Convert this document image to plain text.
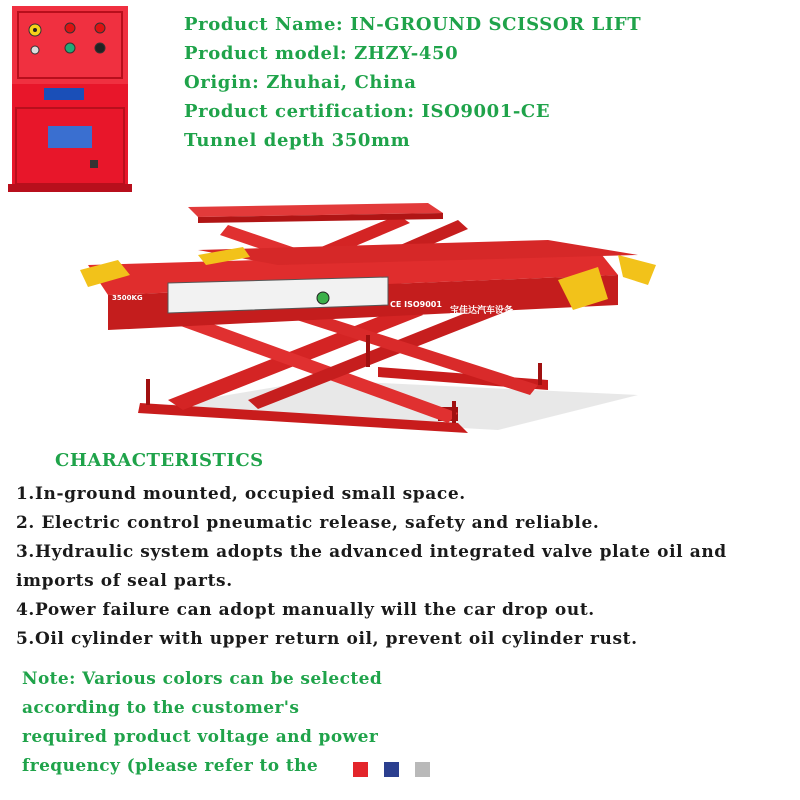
Product Name: IN-GROUND SCISSOR LIFT
Product model: ZHZY-450
Origin: Zhuhai, China
Product certification: ISO9001-CE
Tunnel depth 350mm
3500KG
CE ISO9001
宝佳达汽车设备
CHARACTERISTICS
1.In-ground mounted, occupied small space.
2. Electric control pneumatic release, safety and reliable.
3.Hydraulic system adopts the advanced integrated valve plate oil and
imports of seal parts.
4.Power failure can adopt manually will the car drop out.
5.Oil cylinder with upper return oil, prevent oil cylinder rust.
Note: Various colors can be selected
according to the customer's
required product voltage and power
frequency (please refer to the
